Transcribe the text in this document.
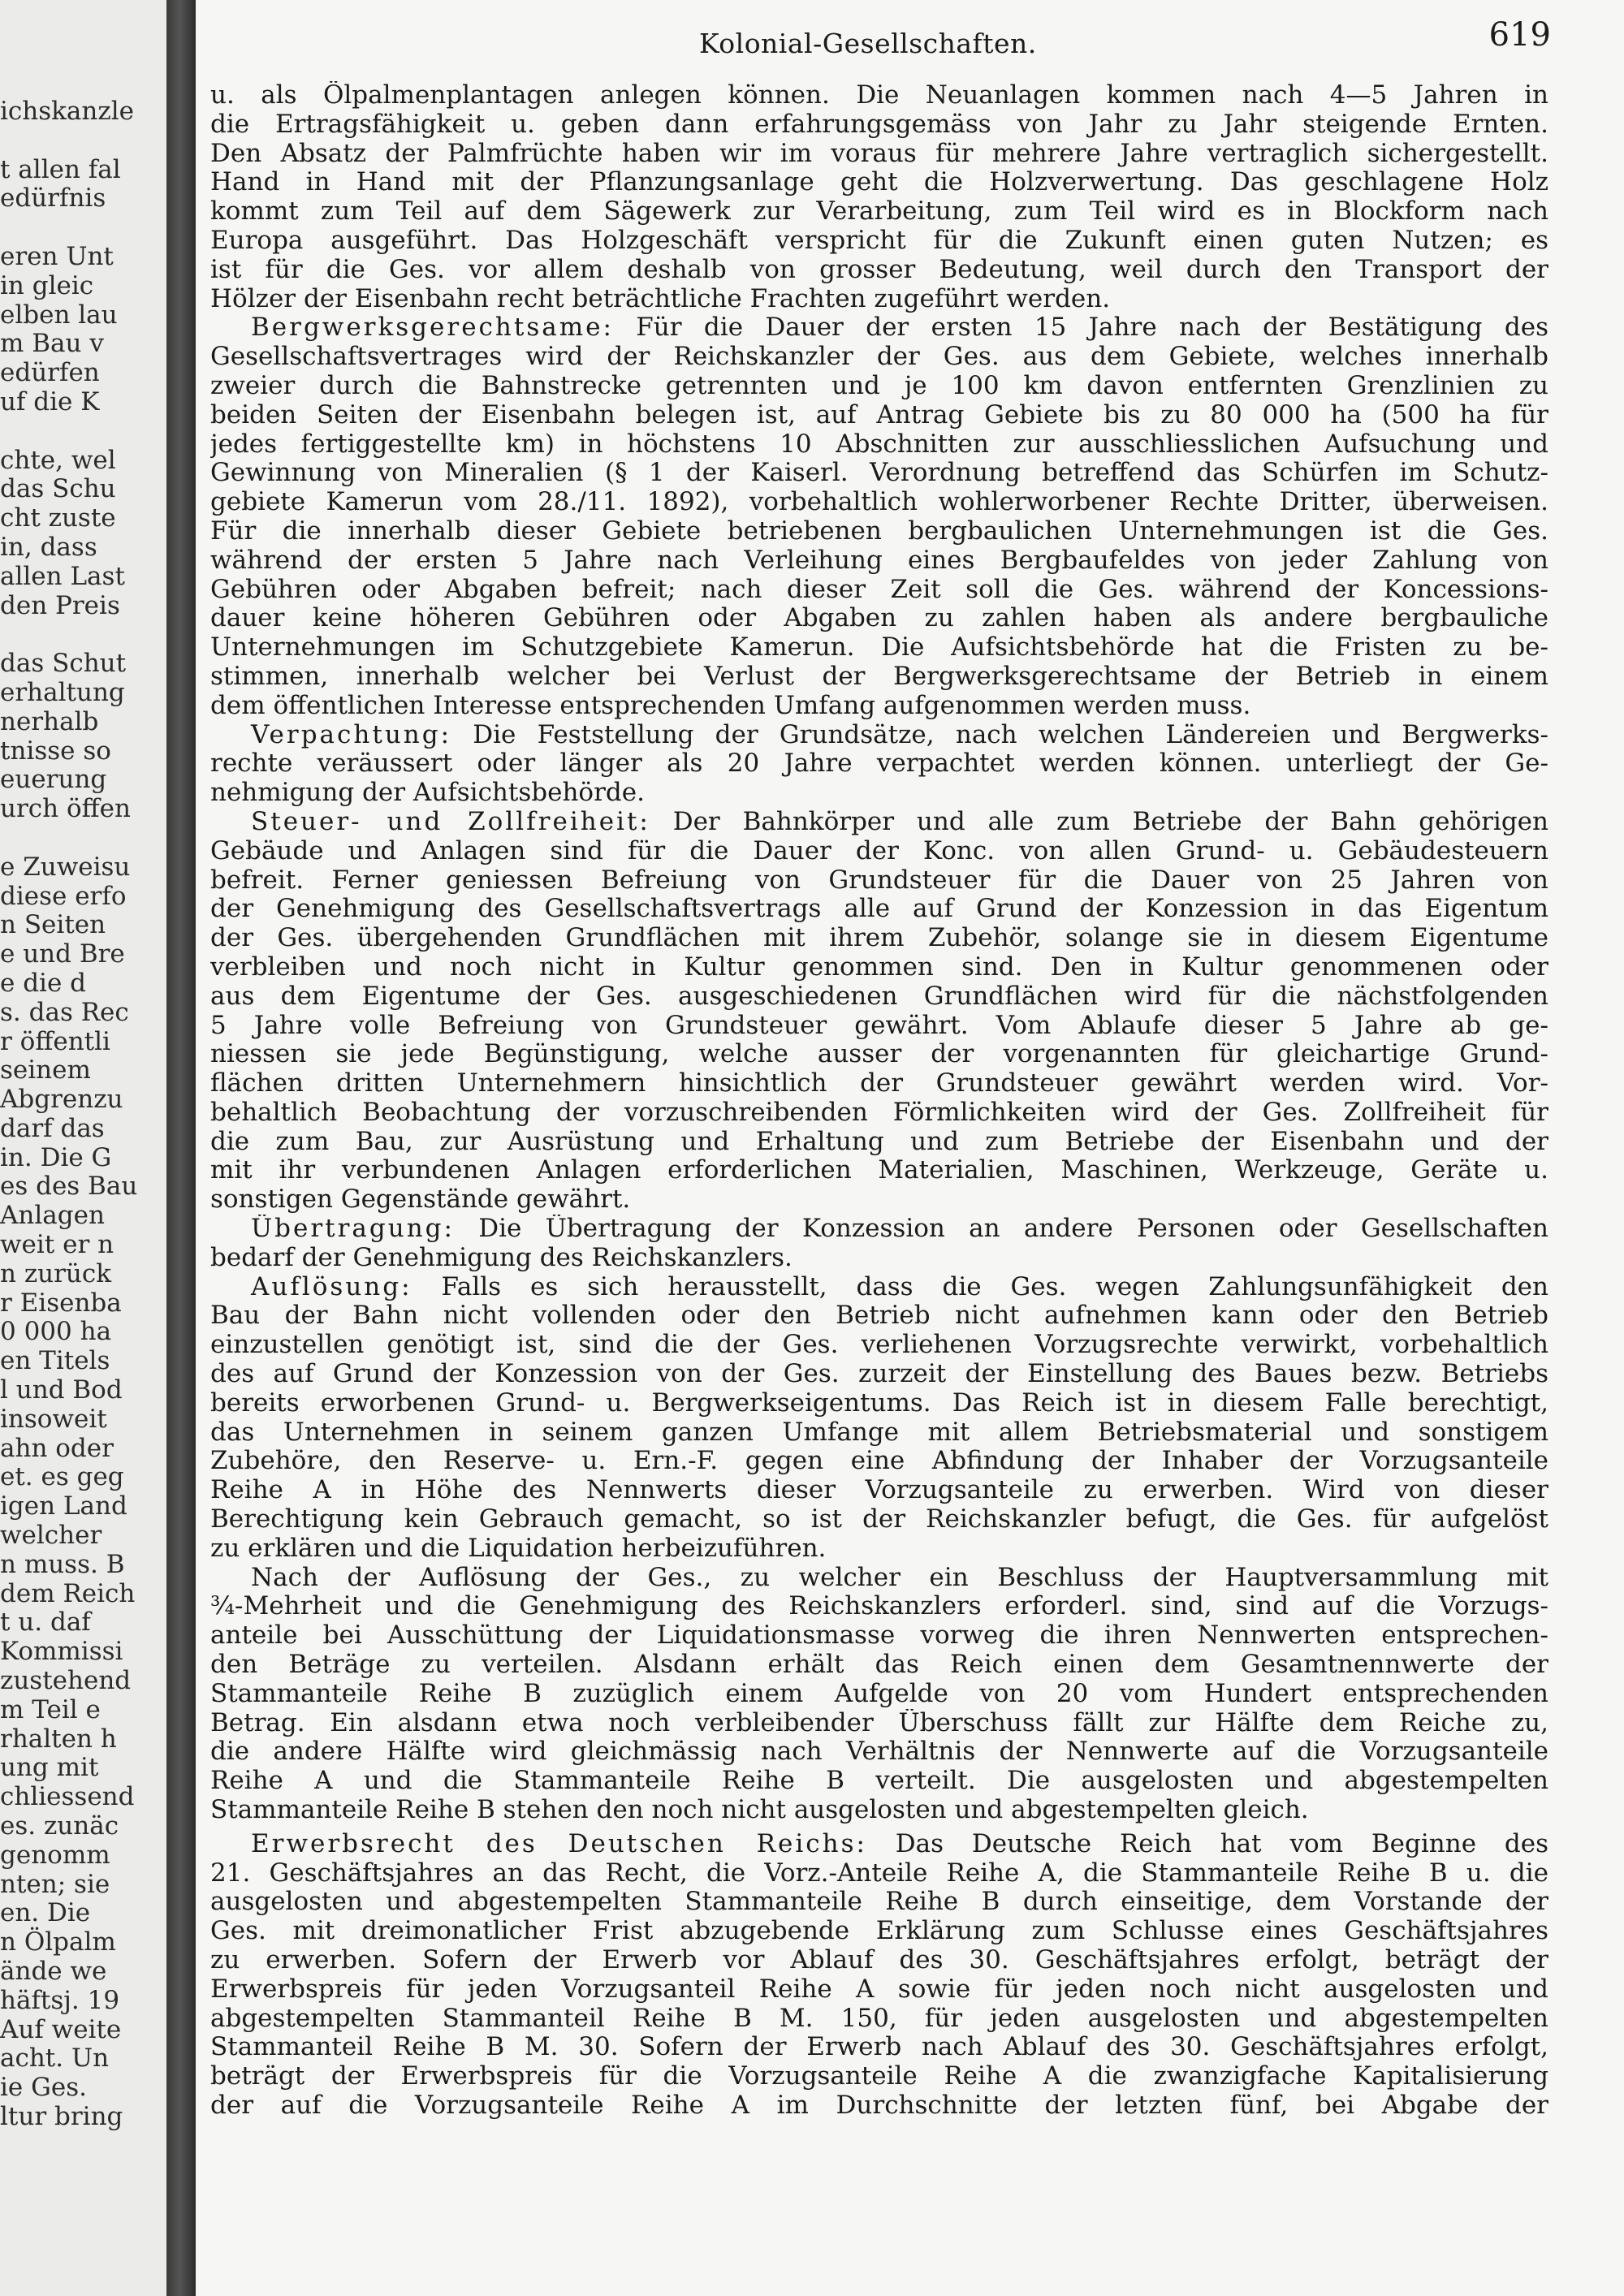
ichskanzle
t allen fal
edürfnis
eren Unt
in gleic
elben lau
m Bau v
edürfen
uf die K
chte, wel
das Schu
cht zuste
in, dass
allen Last
den Preis
das Schut
erhaltung
nerhalb
tnisse so
euerung
urch öffen
e Zuweisu
diese erfo
n Seiten
e und Bre
e die d
s. das Rec
r öffentli
seinem
Abgrenzu
darf das
in. Die G
es des Bau
Anlagen
weit er n
n zurück
r Eisenba
0 000 ha
en Titels
l und Bod
insoweit
ahn oder
et. es geg
igen Land
welcher
n muss. B
dem Reich
t u. daf
Kommissi
zustehend
m Teil e
rhalten h
ung mit
chliessend
es. zunäc
genomm
nten; sie
en. Die
n Ölpalm
ände we
häftsj. 19
Auf weite
acht. Un
ie Ges.
ltur bring
Kolonial-Gesellschaften.	619
u. als Ölpalmenplantagen anlegen können. Die Neuanlagen kommen nach 4—5 Jahren in
die Ertragsfähigkeit u. geben dann erfahrungsgemäss von Jahr zu Jahr steigende Ernten.
Den Absatz der Palmfrüchte haben wir im voraus für mehrere Jahre vertraglich sichergestellt.
Hand in Hand mit der Pflanzungsanlage geht die Holzverwertung. Das geschlagene Holz
kommt zum Teil auf dem Sägewerk zur Verarbeitung, zum Teil wird es in Blockform nach
Europa ausgeführt. Das Holzgeschäft verspricht für die Zukunft einen guten Nutzen; es
ist für die Ges. vor allem deshalb von grosser Bedeutung, weil durch den Transport der
Hölzer der Eisenbahn recht beträchtliche Frachten zugeführt werden.
Bergwerksgerechtsame: Für die Dauer der ersten 15 Jahre nach der Bestätigung des
Gesellschaftsvertrages wird der Reichskanzler der Ges. aus dem Gebiete, welches innerhalb
zweier durch die Bahnstrecke getrennten und je 100 km davon entfernten Grenzlinien zu
beiden Seiten der Eisenbahn belegen ist, auf Antrag Gebiete bis zu 80 000 ha (500 ha für
jedes fertiggestellte km) in höchstens 10 Abschnitten zur ausschliesslichen Aufsuchung und
Gewinnung von Mineralien (§ 1 der Kaiserl. Verordnung betreffend das Schürfen im Schutz-
gebiete Kamerun vom 28./11. 1892), vorbehaltlich wohlerworbener Rechte Dritter, überweisen.
Für die innerhalb dieser Gebiete betriebenen bergbaulichen Unternehmungen ist die Ges.
während der ersten 5 Jahre nach Verleihung eines Bergbaufeldes von jeder Zahlung von
Gebühren oder Abgaben befreit; nach dieser Zeit soll die Ges. während der Koncessions-
dauer keine höheren Gebühren oder Abgaben zu zahlen haben als andere bergbauliche
Unternehmungen im Schutzgebiete Kamerun. Die Aufsichtsbehörde hat die Fristen zu be-
stimmen, innerhalb welcher bei Verlust der Bergwerksgerechtsame der Betrieb in einem
dem öffentlichen Interesse entsprechenden Umfang aufgenommen werden muss.
Verpachtung: Die Feststellung der Grundsätze, nach welchen Ländereien und Bergwerks-
rechte veräussert oder länger als 20 Jahre verpachtet werden können. unterliegt der Ge-
nehmigung der Aufsichtsbehörde.
Steuer- und Zollfreiheit: Der Bahnkörper und alle zum Betriebe der Bahn gehörigen
Gebäude und Anlagen sind für die Dauer der Konc. von allen Grund- u. Gebäudesteuern
befreit. Ferner geniessen Befreiung von Grundsteuer für die Dauer von 25 Jahren von
der Genehmigung des Gesellschaftsvertrags alle auf Grund der Konzession in das Eigentum
der Ges. übergehenden Grundflächen mit ihrem Zubehör, solange sie in diesem Eigentume
verbleiben und noch nicht in Kultur genommen sind. Den in Kultur genommenen oder
aus dem Eigentume der Ges. ausgeschiedenen Grundflächen wird für die nächstfolgenden
5 Jahre volle Befreiung von Grundsteuer gewährt. Vom Ablaufe dieser 5 Jahre ab ge-
niessen sie jede Begünstigung, welche ausser der vorgenannten für gleichartige Grund-
flächen dritten Unternehmern hinsichtlich der Grundsteuer gewährt werden wird. Vor-
behaltlich Beobachtung der vorzuschreibenden Förmlichkeiten wird der Ges. Zollfreiheit für
die zum Bau, zur Ausrüstung und Erhaltung und zum Betriebe der Eisenbahn und der
mit ihr verbundenen Anlagen erforderlichen Materialien, Maschinen, Werkzeuge, Geräte u.
sonstigen Gegenstände gewährt.
Übertragung: Die Übertragung der Konzession an andere Personen oder Gesellschaften
bedarf der Genehmigung des Reichskanzlers.
Auflösung: Falls es sich herausstellt, dass die Ges. wegen Zahlungsunfähigkeit den
Bau der Bahn nicht vollenden oder den Betrieb nicht aufnehmen kann oder den Betrieb
einzustellen genötigt ist, sind die der Ges. verliehenen Vorzugsrechte verwirkt, vorbehaltlich
des auf Grund der Konzession von der Ges. zurzeit der Einstellung des Baues bezw. Betriebs
bereits erworbenen Grund- u. Bergwerkseigentums. Das Reich ist in diesem Falle berechtigt,
das Unternehmen in seinem ganzen Umfange mit allem Betriebsmaterial und sonstigem
Zubehöre, den Reserve- u. Ern.-F. gegen eine Abfindung der Inhaber der Vorzugsanteile
Reihe A in Höhe des Nennwerts dieser Vorzugsanteile zu erwerben. Wird von dieser
Berechtigung kein Gebrauch gemacht, so ist der Reichskanzler befugt, die Ges. für aufgelöst
zu erklären und die Liquidation herbeizuführen.
Nach der Auflösung der Ges., zu welcher ein Beschluss der Hauptversammlung mit
¾-Mehrheit und die Genehmigung des Reichskanzlers erforderl. sind, sind auf die Vorzugs-
anteile bei Ausschüttung der Liquidationsmasse vorweg die ihren Nennwerten entsprechen-
den Beträge zu verteilen. Alsdann erhält das Reich einen dem Gesamtnennwerte der
Stammanteile Reihe B zuzüglich einem Aufgelde von 20 vom Hundert entsprechenden
Betrag. Ein alsdann etwa noch verbleibender Überschuss fällt zur Hälfte dem Reiche zu,
die andere Hälfte wird gleichmässig nach Verhältnis der Nennwerte auf die Vorzugsanteile
Reihe A und die Stammanteile Reihe B verteilt. Die ausgelosten und abgestempelten
Stammanteile Reihe B stehen den noch nicht ausgelosten und abgestempelten gleich.
Erwerbsrecht des Deutschen Reichs: Das Deutsche Reich hat vom Beginne des
21. Geschäftsjahres an das Recht, die Vorz.-Anteile Reihe A, die Stammanteile Reihe B u. die
ausgelosten und abgestempelten Stammanteile Reihe B durch einseitige, dem Vorstande der
Ges. mit dreimonatlicher Frist abzugebende Erklärung zum Schlusse eines Geschäftsjahres
zu erwerben. Sofern der Erwerb vor Ablauf des 30. Geschäftsjahres erfolgt, beträgt der
Erwerbspreis für jeden Vorzugsanteil Reihe A sowie für jeden noch nicht ausgelosten und
abgestempelten Stammanteil Reihe B M. 150, für jeden ausgelosten und abgestempelten
Stammanteil Reihe B M. 30. Sofern der Erwerb nach Ablauf des 30. Geschäftsjahres erfolgt,
beträgt der Erwerbspreis für die Vorzugsanteile Reihe A die zwanzigfache Kapitalisierung
der auf die Vorzugsanteile Reihe A im Durchschnitte der letzten fünf, bei Abgabe der
